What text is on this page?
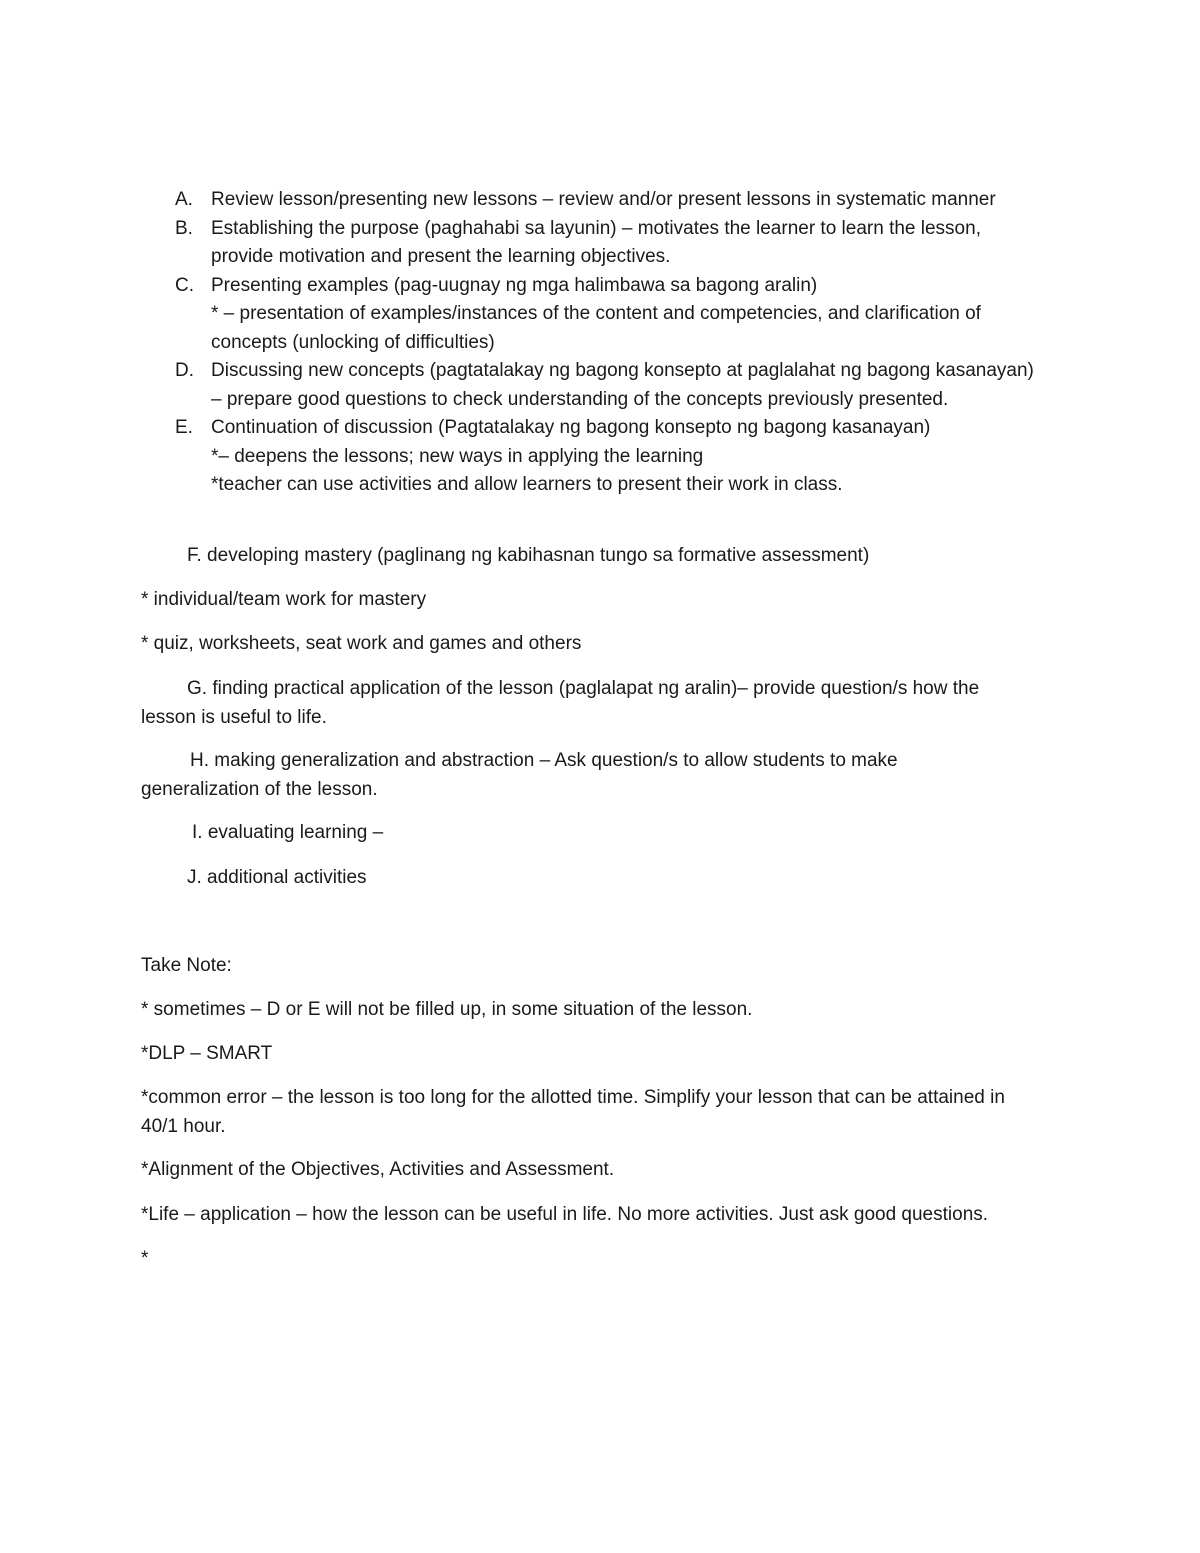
A. Review lesson/presenting new lessons – review and/or present lessons in systematic manner
B. Establishing the purpose (paghahabi sa layunin) – motivates the learner to learn the lesson,
provide motivation and present the learning objectives.
C. Presenting examples (pag-uugnay ng mga halimbawa sa bagong aralin)
* – presentation of examples/instances of the content and competencies, and clarification of
concepts (unlocking of difficulties)
D. Discussing new concepts (pagtatalakay ng bagong konsepto at paglalahat ng bagong kasanayan)
– prepare good questions to check understanding of the concepts previously presented.
E. Continuation of discussion (Pagtatalakay ng bagong konsepto ng bagong kasanayan)
*– deepens the lessons; new ways in applying the learning
*teacher can use activities and allow learners to present their work in class.
F. developing mastery (paglinang ng kabihasnan tungo sa formative assessment)
* individual/team work for mastery
* quiz, worksheets, seat work and games and others
G. finding practical application of the lesson (paglalapat ng aralin)– provide question/s how the
lesson is useful to life.
H. making generalization and abstraction – Ask question/s to allow students to make
generalization of the lesson.
I. evaluating learning –
J. additional activities
Take Note:
* sometimes – D or E will not be filled up, in some situation of the lesson.
*DLP – SMART
*common error – the lesson is too long for the allotted time. Simplify your lesson that can be attained in
40/1 hour.
*Alignment of the Objectives, Activities and Assessment.
*Life – application – how the lesson can be useful in life. No more activities. Just ask good questions.
*
